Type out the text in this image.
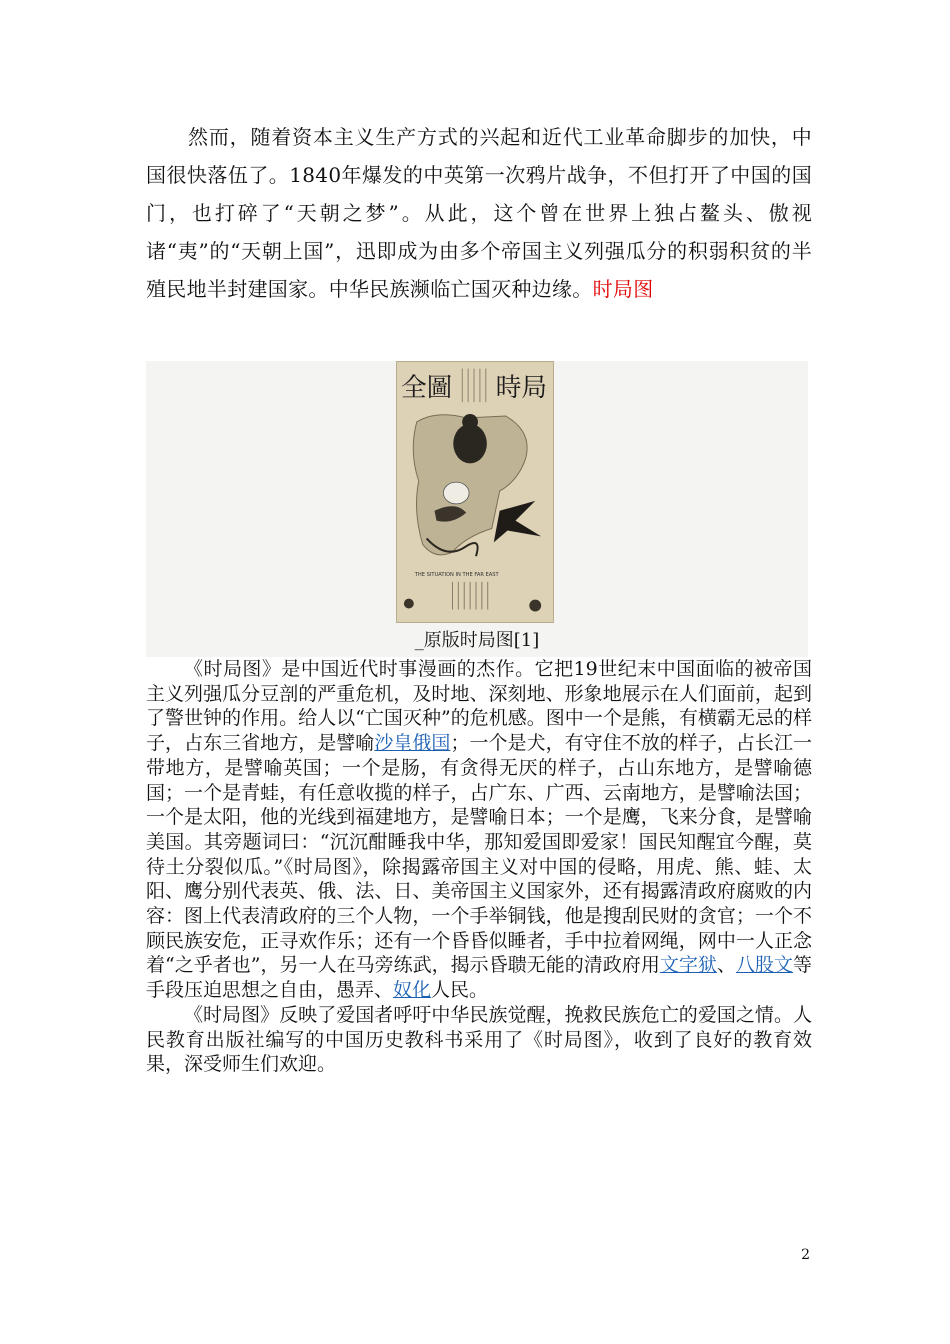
然而，随着资本主义生产方式的兴起和近代工业革命脚步的加快，中国很快落伍了。1840年爆发的中英第一次鸦片战争，不但打开了中国的国门，也打碎了“天朝之梦”。从此，这个曾在世界上独占鳌头、傲视诸“夷”的“天朝上国”，迅即成为由多个帝国主义列强瓜分的积弱积贫的半殖民地半封建国家。中华民族濒临亡国灭种边缘。时局图

全圖 時局
THE SITUATION IN THE FAR EAST

_原版时局图[1]

《时局图》是中国近代时事漫画的杰作。它把19世纪末中国面临的被帝国主义列强瓜分豆剖的严重危机，及时地、深刻地、形象地展示在人们面前，起到了警世钟的作用。给人以“亡国灭种”的危机感。图中一个是熊，有横霸无忌的样子，占东三省地方，是譬喻沙皇俄国；一个是犬，有守住不放的样子，占长江一带地方，是譬喻英国；一个是肠，有贪得无厌的样子，占山东地方，是譬喻德国；一个是青蛙，有任意收揽的样子，占广东、广西、云南地方，是譬喻法国；一个是太阳，他的光线到福建地方，是譬喻日本；一个是鹰，飞来分食，是譬喻美国。其旁题词曰：“沉沉酣睡我中华，那知爱国即爱家！国民知醒宜今醒，莫待土分裂似瓜。”《时局图》，除揭露帝国主义对中国的侵略，用虎、熊、蛙、太阳、鹰分别代表英、俄、法、日、美帝国主义国家外，还有揭露清政府腐败的内容：图上代表清政府的三个人物，一个手举铜钱，他是搜刮民财的贪官；一个不顾民族安危，正寻欢作乐；还有一个昏昏似睡者，手中拉着网绳，网中一人正念着“之乎者也”，另一人在马旁练武，揭示昏聩无能的清政府用文字狱、八股文等手段压迫思想之自由，愚弄、奴化人民。

《时局图》反映了爱国者呼吁中华民族觉醒，挽救民族危亡的爱国之情。人民教育出版社编写的中国历史教科书采用了《时局图》，收到了良好的教育效果，深受师生们欢迎。

2
